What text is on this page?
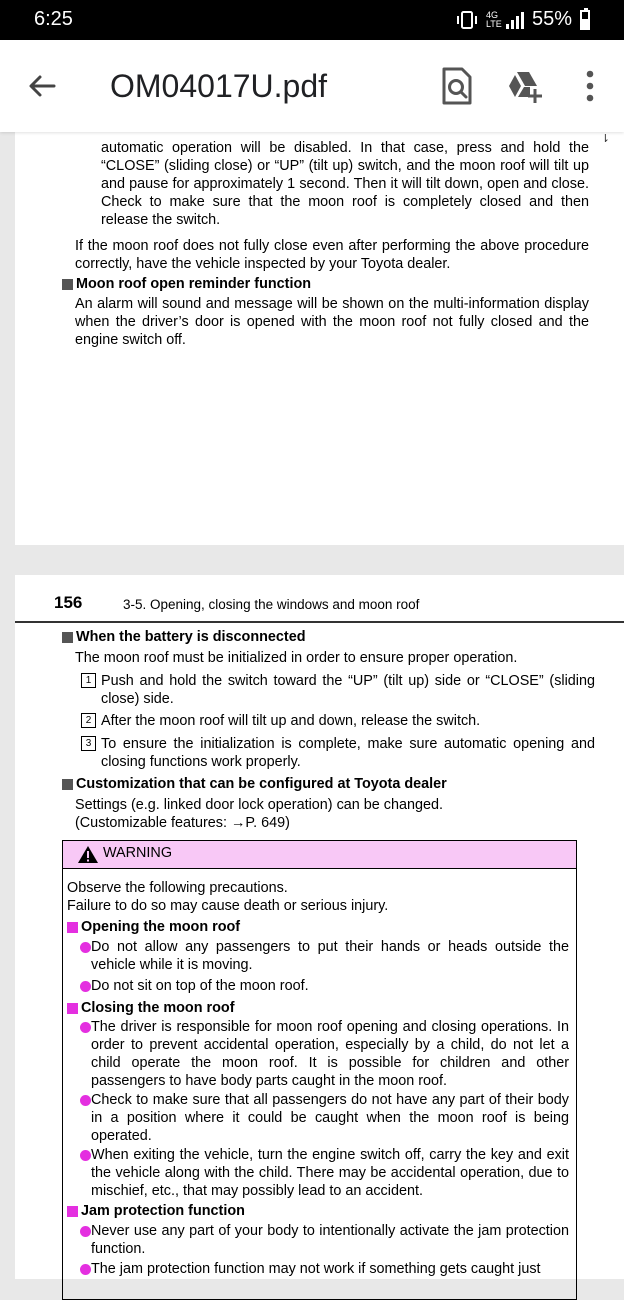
6:25	4G LTE 55%
OM04017U.pdf
⇂
automatic operation will be disabled. In that case, press and hold the “CLOSE” (sliding close) or “UP” (tilt up) switch, and the moon roof will tilt up and pause for approximately 1 second. Then it will tilt down, open and close. Check to make sure that the moon roof is completely closed and then release the switch.
If the moon roof does not fully close even after performing the above procedure correctly, have the vehicle inspected by your Toyota dealer.
Moon roof open reminder function
An alarm will sound and message will be shown on the multi-information display when the driver’s door is opened with the moon roof not fully closed and the engine switch off.
156	3-5. Opening, closing the windows and moon roof
When the battery is disconnected
The moon roof must be initialized in order to ensure proper operation.
1 Push and hold the switch toward the “UP” (tilt up) side or “CLOSE” (sliding close) side.
2 After the moon roof will tilt up and down, release the switch.
3 To ensure the initialization is complete, make sure automatic opening and closing functions work properly.
Customization that can be configured at Toyota dealer
Settings (e.g. linked door lock operation) can be changed.
(Customizable features: →P. 649)
WARNING
Observe the following precautions.
Failure to do so may cause death or serious injury.
Opening the moon roof
Do not allow any passengers to put their hands or heads outside the vehicle while it is moving.
Do not sit on top of the moon roof.
Closing the moon roof
The driver is responsible for moon roof opening and closing operations. In order to prevent accidental operation, especially by a child, do not let a child operate the moon roof. It is possible for children and other passengers to have body parts caught in the moon roof.
Check to make sure that all passengers do not have any part of their body in a position where it could be caught when the moon roof is being operated.
When exiting the vehicle, turn the engine switch off, carry the key and exit the vehicle along with the child. There may be accidental operation, due to mischief, etc., that may possibly lead to an accident.
Jam protection function
Never use any part of your body to intentionally activate the jam protection function.
The jam protection function may not work if something gets caught just
